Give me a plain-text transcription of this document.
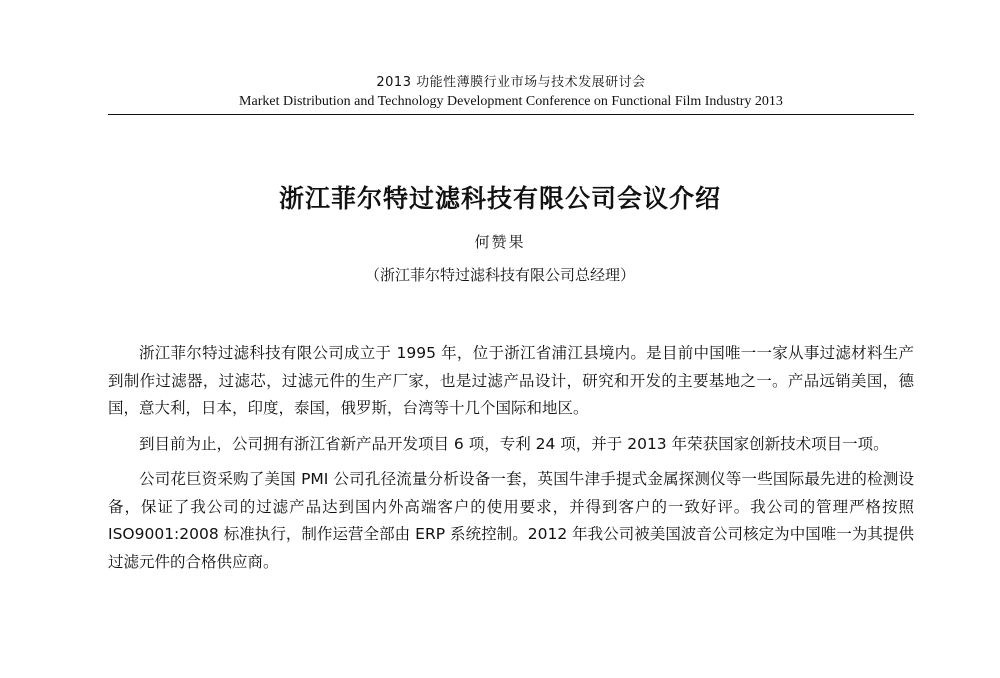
2013 功能性薄膜行业市场与技术发展研讨会
Market Distribution and Technology Development Conference on Functional Film Industry 2013
浙江菲尔特过滤科技有限公司会议介绍
何赞果
（浙江菲尔特过滤科技有限公司总经理）

浙江菲尔特过滤科技有限公司成立于 1995 年，位于浙江省浦江县境内。是目前中国唯一一家从事过滤材料生产到制作过滤器，过滤芯，过滤元件的生产厂家，也是过滤产品设计，研究和开发的主要基地之一。产品远销美国，德国，意大利，日本，印度，泰国，俄罗斯，台湾等十几个国际和地区。

到目前为止，公司拥有浙江省新产品开发项目 6 项，专利 24 项，并于 2013 年荣获国家创新技术项目一项。

公司花巨资采购了美国 PMI 公司孔径流量分析设备一套，英国牛津手提式金属探测仪等一些国际最先进的检测设备，保证了我公司的过滤产品达到国内外高端客户的使用要求，并得到客户的一致好评。我公司的管理严格按照 ISO9001:2008 标准执行，制作运营全部由 ERP 系统控制。2012 年我公司被美国波音公司核定为中国唯一为其提供过滤元件的合格供应商。
